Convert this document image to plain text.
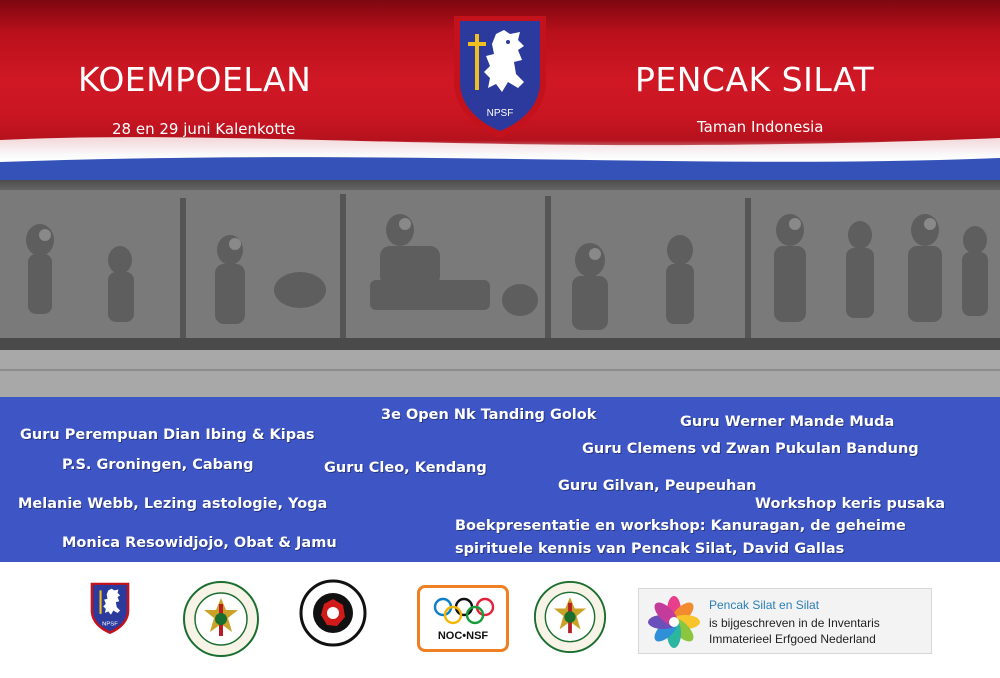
KOEMPOELAN	PENCAK SILAT
28 en 29 juni Kalenkotte	Taman Indonesia
NPSF
3e Open Nk Tanding Golok	Guru Werner Mande Muda
Guru Perempuan Dian Ibing & Kipas
Guru Clemens vd Zwan Pukulan Bandung
P.S. Groningen, Cabang	Guru Cleo, Kendang
Guru Gilvan, Peupeuhan
Melanie Webb, Lezing astologie, Yoga	Workshop keris pusaka
Boekpresentatie en workshop: Kanuragan, de geheime
spirituele kennis van Pencak Silat, David Gallas
Monica Resowidjojo, Obat & Jamu
NPSF
NOC•NSF
Pencak Silat en Silat
is bijgeschreven in de Inventaris
Immaterieel Erfgoed Nederland
